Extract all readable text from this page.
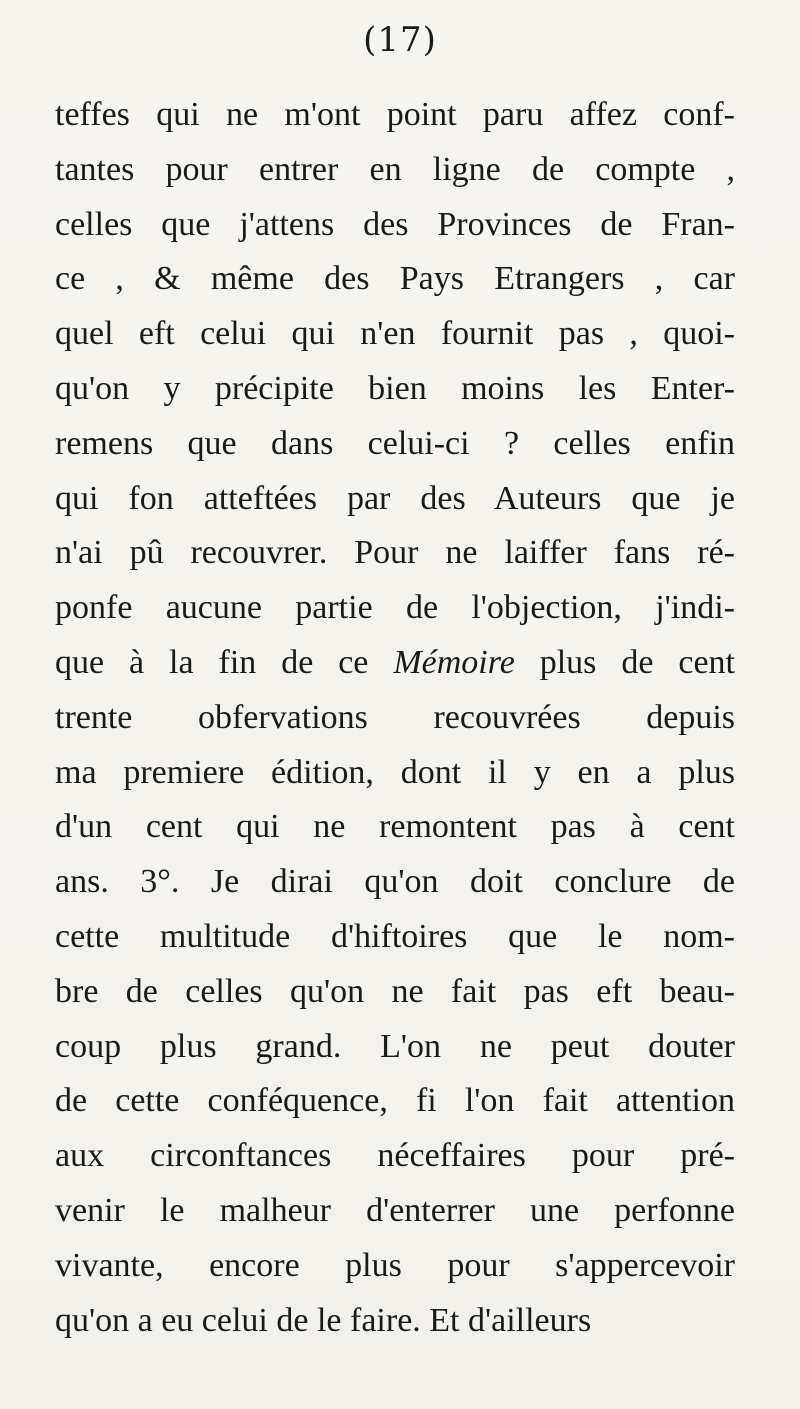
(17)
teffes qui ne m'ont point paru affez conf-
tantes pour entrer en ligne de compte ,
celles que j'attens des Provinces de Fran-
ce , & même des Pays Etrangers , car
quel eft celui qui n'en fournit pas , quoi-
qu'on y précipite bien moins les Enter-
remens que dans celui-ci ? celles enfin
qui fon atteftées par des Auteurs que je
n'ai pû recouvrer. Pour ne laiffer fans ré-
ponfe aucune partie de l'objection, j'indi-
que à la fin de ce Mémoire plus de cent
trente obfervations recouvrées depuis
ma premiere édition, dont il y en a plus
d'un cent qui ne remontent pas à cent
ans. 3°. Je dirai qu'on doit conclure de
cette multitude d'hiftoires que le nom-
bre de celles qu'on ne fait pas eft beau-
coup plus grand. L'on ne peut douter
de cette conféquence, fi l'on fait attention
aux circonftances néceffaires pour pré-
venir le malheur d'enterrer une perfonne
vivante, encore plus pour s'appercevoir
qu'on a eu celui de le faire. Et d'ailleurs
